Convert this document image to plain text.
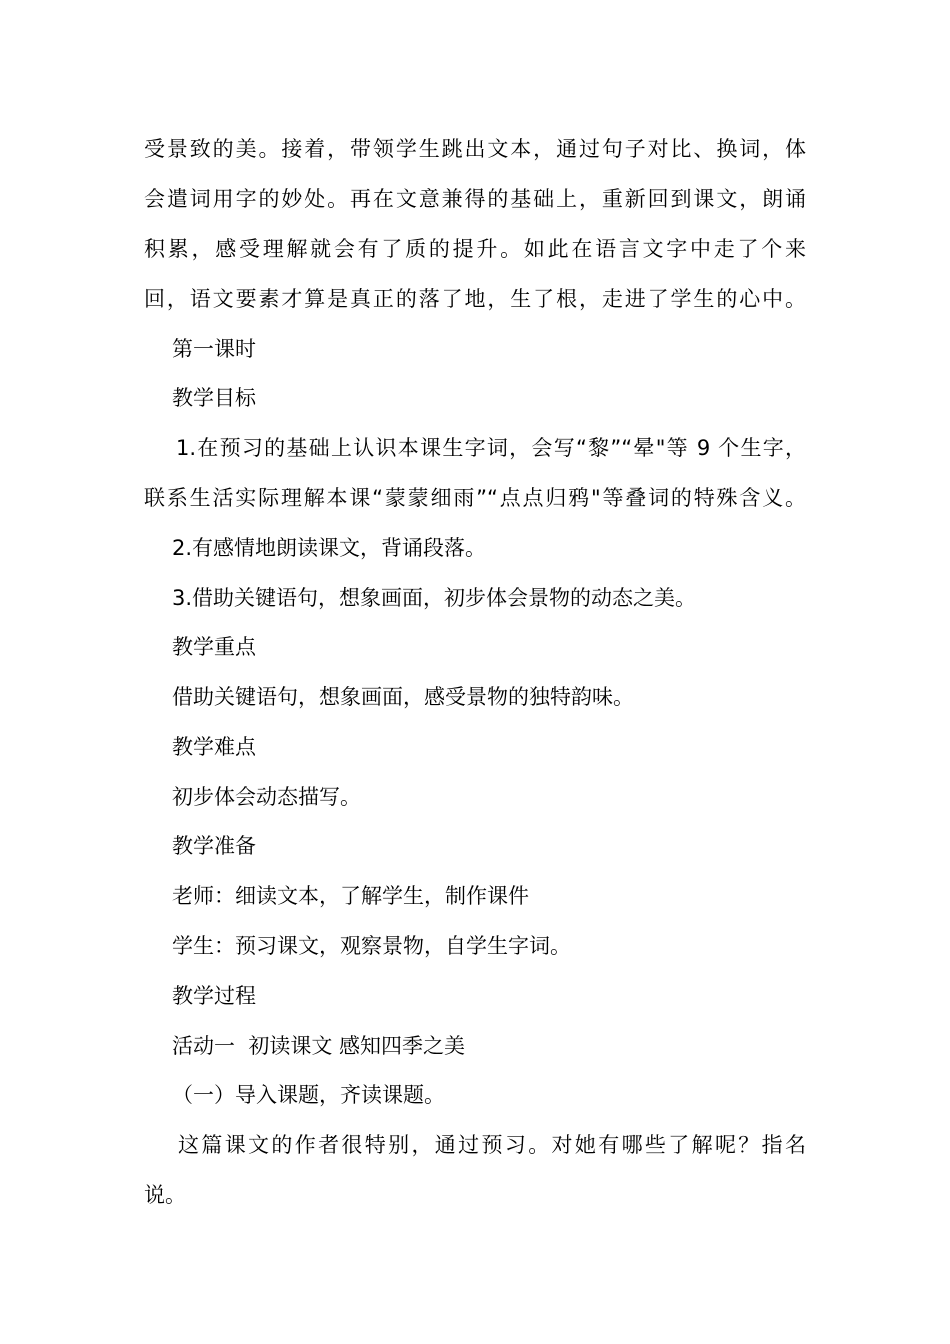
受景致的美。接着，带领学生跳出文本，通过句子对比、换词，体

会遣词用字的妙处。再在文意兼得的基础上，重新回到课文，朗诵

积累，感受理解就会有了质的提升。如此在语言文字中走了个来

回，语文要素才算是真正的落了地，生了根，走进了学生的心中。

第一课时

教学目标

1.在预习的基础上认识本课生字词，会写“黎”“晕"等 9 个生字，

联系生活实际理解本课“蒙蒙细雨”“点点归鸦"等叠词的特殊含义。

2.有感情地朗读课文，背诵段落。

3.借助关键语句，想象画面，初步体会景物的动态之美。

教学重点

借助关键语句，想象画面，感受景物的独特韵味。

教学难点

初步体会动态描写。

教学准备

老师：细读文本，了解学生，制作课件

学生：预习课文，观察景物，自学生字词。

教学过程

活动一  初读课文 感知四季之美

（一）导入课题，齐读课题。

这篇课文的作者很特别，通过预习。对她有哪些了解呢？指名

说。
